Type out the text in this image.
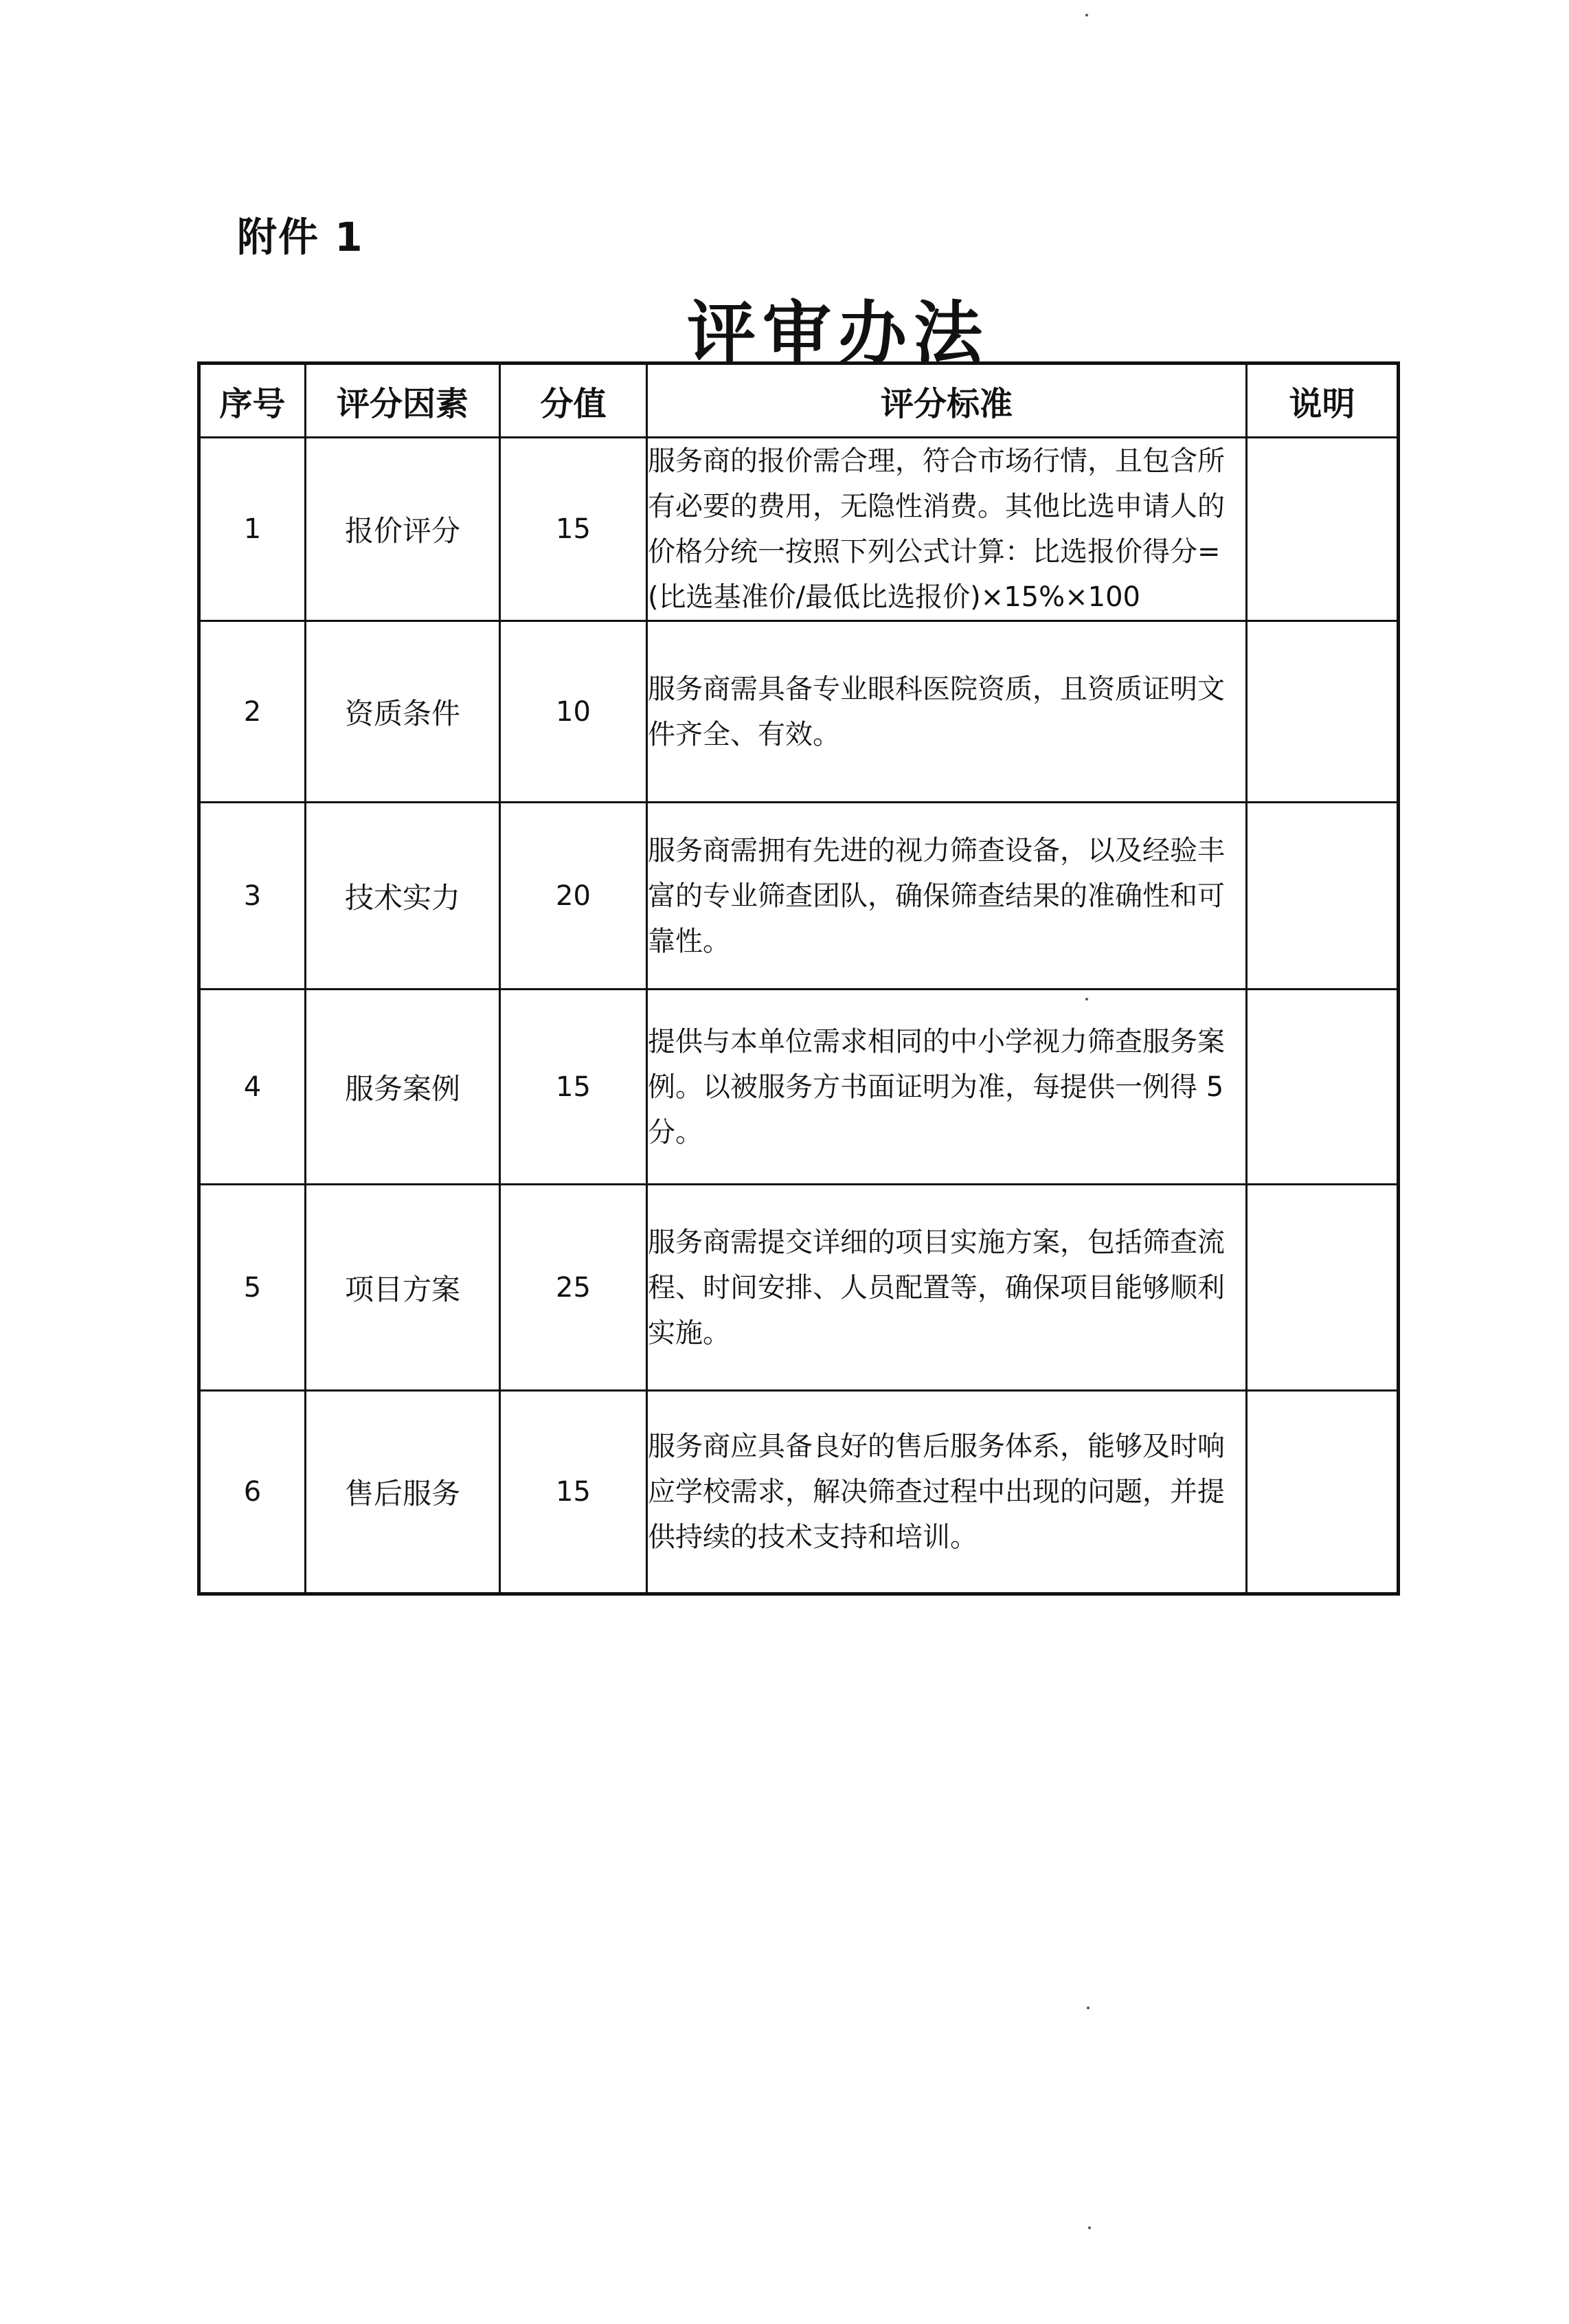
附件 1
评审办法
序号	评分因素	分值	评分标准	说明
1	报价评分	15	服务商的报价需合理，符合市场行情，且包含所有必要的费用，无隐性消费。其他比选申请人的价格分统一按照下列公式计算：比选报价得分=(比选基准价/最低比选报价)×15%×100	
2	资质条件	10	服务商需具备专业眼科医院资质，且资质证明文件齐全、有效。	
3	技术实力	20	服务商需拥有先进的视力筛查设备，以及经验丰富的专业筛查团队，确保筛查结果的准确性和可靠性。	
4	服务案例	15	提供与本单位需求相同的中小学视力筛查服务案例。以被服务方书面证明为准，每提供一例得 5 分。	
5	项目方案	25	服务商需提交详细的项目实施方案，包括筛查流程、时间安排、人员配置等，确保项目能够顺利实施。	
6	售后服务	15	服务商应具备良好的售后服务体系，能够及时响应学校需求，解决筛查过程中出现的问题，并提供持续的技术支持和培训。	
